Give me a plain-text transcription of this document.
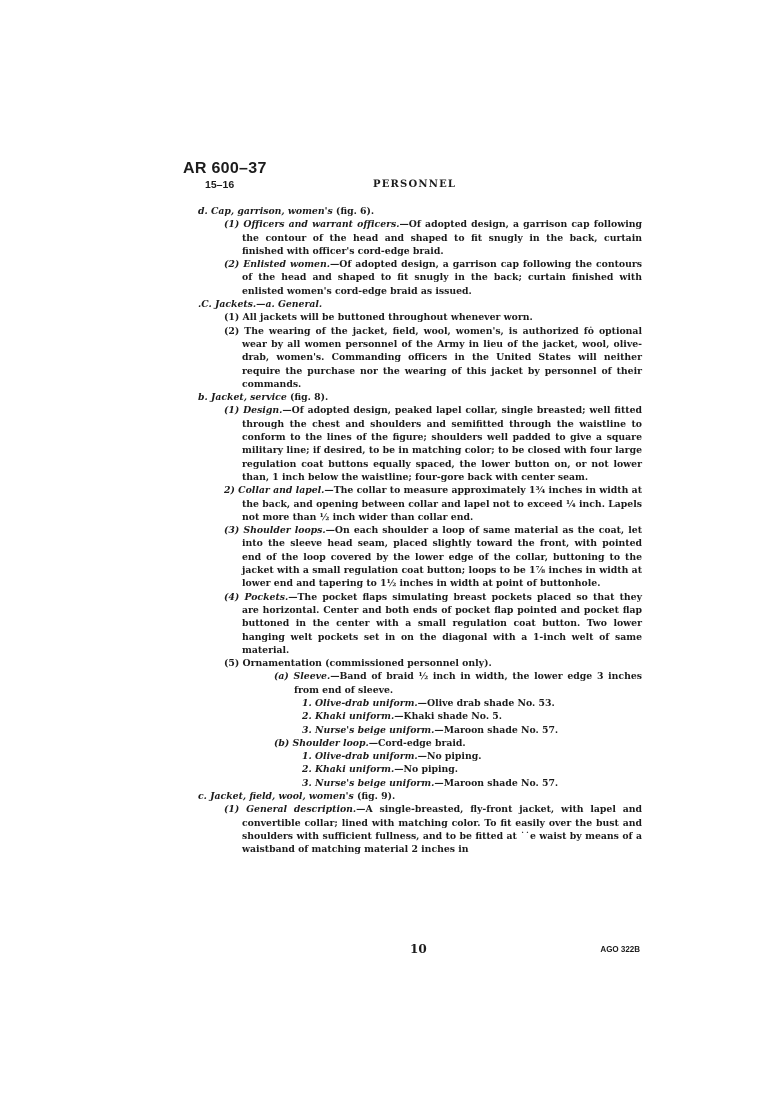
AR 600–37
15–16	PERSONNEL

d. Cap, garrison, women's (fig. 6).

(1) Officers and warrant officers.—Of adopted design, a garrison cap following the contour of the head and shaped to fit snugly in the back, curtain finished with officer's cord-edge braid.

(2) Enlisted women.—Of adopted design, a garrison cap following the contours of the head and shaped to fit snugly in the back; curtain finished with enlisted women's cord-edge braid as issued.

.C. Jackets.—a. General.

(1) All jackets will be buttoned throughout whenever worn.

(2) The wearing of the jacket, field, wool, women's, is authorized fȯ optional wear by all women personnel of the Army in lieu of the jacket, wool, olive-drab, women's. Commanding officers in the United States will neither require the purchase nor the wearing of this jacket by personnel of their commands.

b. Jacket, service (fig. 8).

(1) Design.—Of adopted design, peaked lapel collar, single breasted; well fitted through the chest and shoulders and semifitted through the waistline to conform to the lines of the figure; shoulders well padded to give a square military line; if desired, to be in matching color; to be closed with four large regulation coat buttons equally spaced, the lower button on, or not lower than, 1 inch below the waistline; four-gore back with center seam.

2) Collar and lapel.—The collar to measure approximately 1¾ inches in width at the back, and opening between collar and lapel not to exceed ¼ inch. Lapels not more than ½ inch wider than collar end.

(3) Shoulder loops.—On each shoulder a loop of same material as the coat, let into the sleeve head seam, placed slightly toward the front, with pointed end of the loop covered by the lower edge of the collar, buttoning to the jacket with a small regulation coat button; loops to be 1⅞ inches in width at lower end and tapering to 1½ inches in width at point of buttonhole.

(4) Pockets.—The pocket flaps simulating breast pockets placed so that they are horizontal. Center and both ends of pocket flap pointed and pocket flap buttoned in the center with a small regulation coat button. Two lower hanging welt pockets set in on the diagonal with a 1-inch welt of same material.

(5) Ornamentation (commissioned personnel only).

(a) Sleeve.—Band of braid ½ inch in width, the lower edge 3 inches from end of sleeve.

1. Olive-drab uniform.—Olive drab shade No. 53.

2. Khaki uniform.—Khaki shade No. 5.

3. Nurse's beige uniform.—Maroon shade No. 57.

(b) Shoulder loop.—Cord-edge braid.

1. Olive-drab uniform.—No piping.

2. Khaki uniform.—No piping.

3. Nurse's beige uniform.—Maroon shade No. 57.

c. Jacket, field, wool, women's (fig. 9).

(1) General description.—A single-breasted, fly-front jacket, with lapel and convertible collar; lined with matching color. To fit easily over the bust and shoulders with sufficient fullness, and to be fitted at ˙˙e waist by means of a waistband of matching material 2 inches in

10	AGO 322B
